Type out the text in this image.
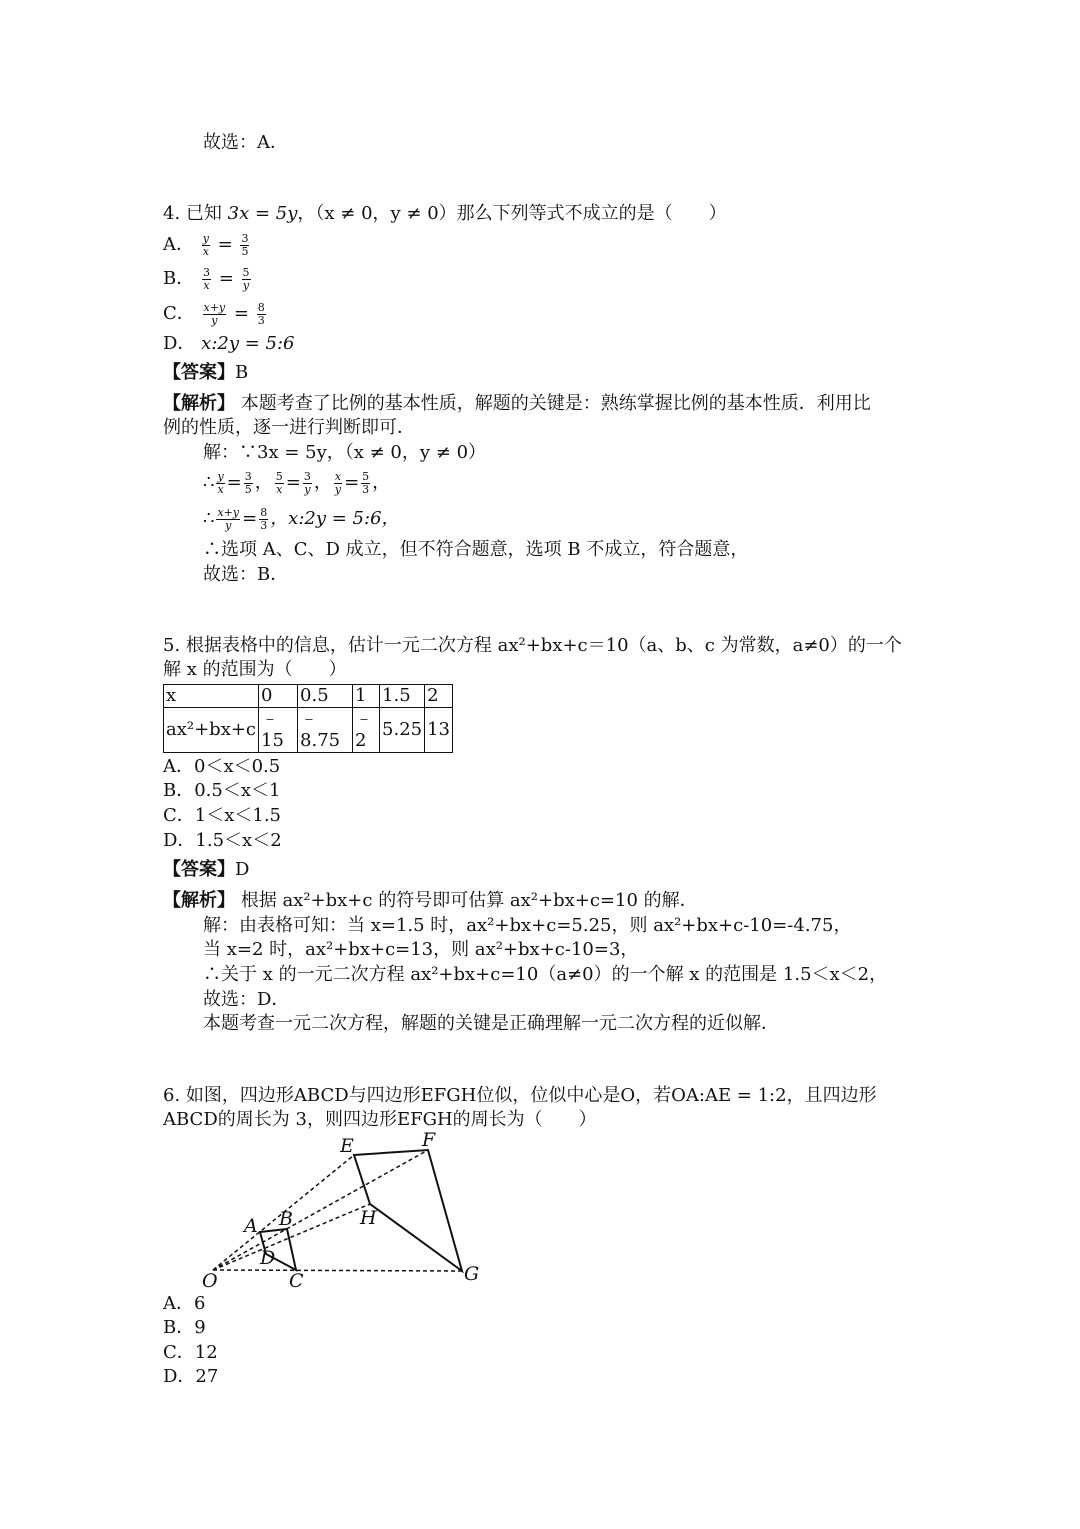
故选：A．
4. 已知 3x = 5y，（x ≠ 0，y ≠ 0）那么下列等式不成立的是（　　）
A． $\frac{y}{x} = \frac{3}{5}$
B． $\frac{3}{x} = \frac{5}{y}$
C． $\frac{x+y}{y} = \frac{8}{3}$
D． x:2y = 5:6
【答案】B
【解析】 本题考查了比例的基本性质，解题的关键是：熟练掌握比例的基本性质．利用比
例的性质，逐一进行判断即可．
解：∵3x = 5y，（x ≠ 0，y ≠ 0）
∴ $\frac{y}{x} = \frac{3}{5}$ ， $\frac{5}{x} = \frac{3}{y}$ ， $\frac{x}{y} = \frac{5}{3}$ ，
∴ $\frac{x+y}{y} = \frac{8}{3}$ ，x:2y = 5:6，
∴选项 A、C、D 成立，但不符合题意，选项 B 不成立，符合题意，
故选：B．
5. 根据表格中的信息，估计一元二次方程 ax²+bx+c＝10（a、b、c 为常数，a≠0）的一个
解 x 的范围为（　　）
x	0	0.5	1	1.5	2
ax²+bx+c	﹣15	﹣8.75	﹣2	5.25	13
A．0＜x＜0.5
B．0.5＜x＜1
C．1＜x＜1.5
D．1.5＜x＜2
【答案】D
【解析】 根据 ax²+bx+c 的符号即可估算 ax²+bx+c=10 的解．
解：由表格可知：当 x=1.5 时，ax²+bx+c=5.25，则 ax²+bx+c-10=-4.75，
当 x=2 时，ax²+bx+c=13，则 ax²+bx+c-10=3，
∴关于 x 的一元二次方程 ax²+bx+c=10（a≠0）的一个解 x 的范围是 1.5＜x＜2，
故选：D．
本题考查一元二次方程，解题的关键是正确理解一元二次方程的近似解．
6. 如图，四边形ABCD与四边形EFGH位似，位似中心是O，若OA:AE = 1:2，且四边形
ABCD的周长为 3，则四边形EFGH的周长为（　　）
E	F
A B	H
D
O	C	G
A．6
B．9
C．12
D．27
